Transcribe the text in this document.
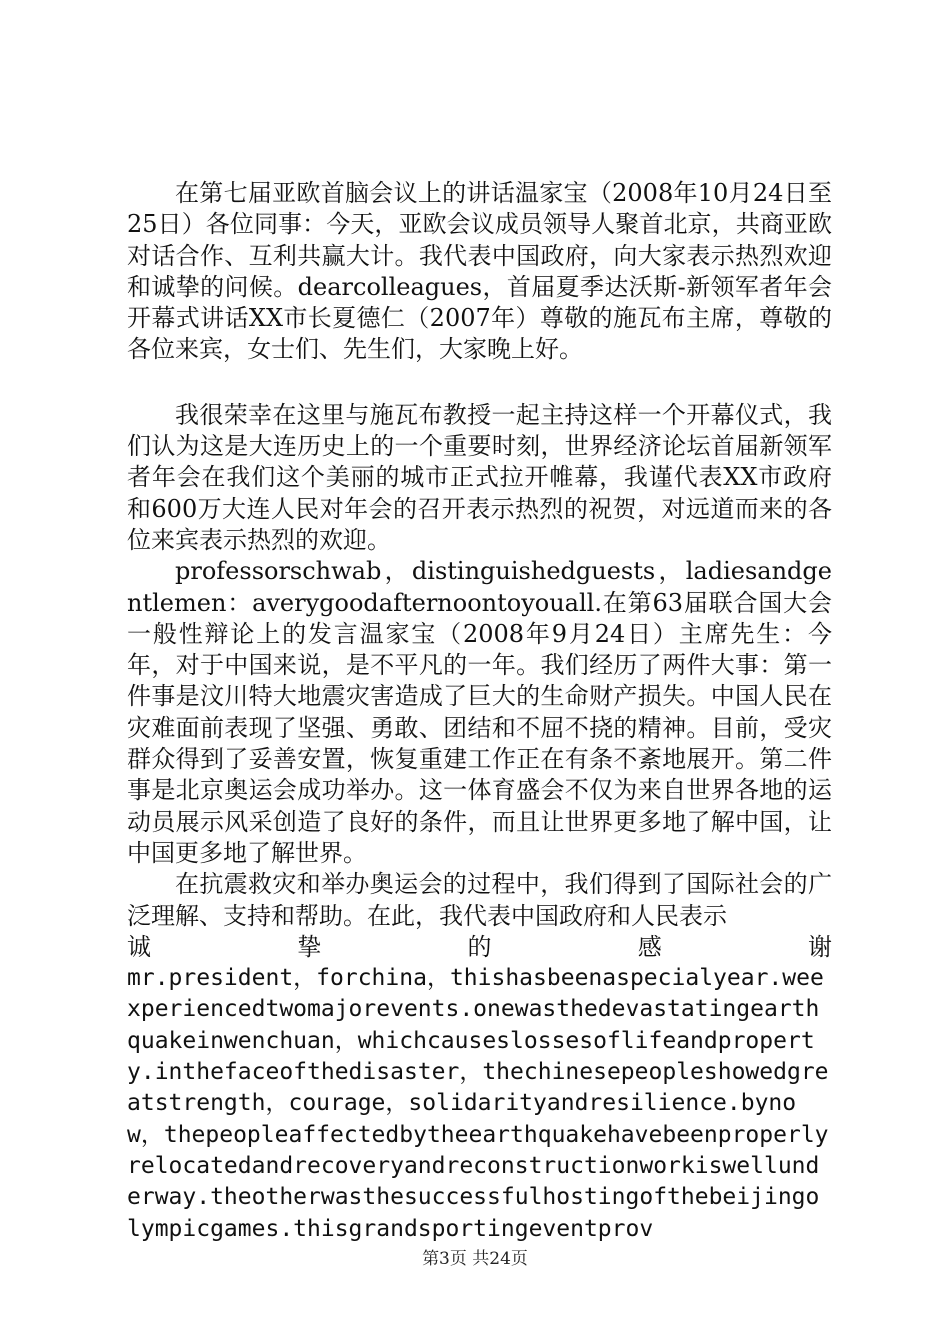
在第七届亚欧首脑会议上的讲话温家宝（2008年10月24日至25日）各位同事：今天，亚欧会议成员领导人聚首北京，共商亚欧对话合作、互利共赢大计。我代表中国政府，向大家表示热烈欢迎和诚挚的问候。dearcolleagues，首届夏季达沃斯-新领军者年会开幕式讲话XX市长夏德仁（2007年）尊敬的施瓦布主席，尊敬的各位来宾，女士们、先生们，大家晚上好。

我很荣幸在这里与施瓦布教授一起主持这样一个开幕仪式，我们认为这是大连历史上的一个重要时刻，世界经济论坛首届新领军者年会在我们这个美丽的城市正式拉开帷幕，我谨代表XX市政府和600万大连人民对年会的召开表示热烈的祝贺，对远道而来的各位来宾表示热烈的欢迎。

professorschwab，distinguishedguests，ladiesandgentlemen：averygoodafternoontoyouall.在第63届联合国大会一般性辩论上的发言温家宝（2008年9月24日）主席先生：今年，对于中国来说，是不平凡的一年。我们经历了两件大事：第一件事是汶川特大地震灾害造成了巨大的生命财产损失。中国人民在灾难面前表现了坚强、勇敢、团结和不屈不挠的精神。目前，受灾群众得到了妥善安置，恢复重建工作正在有条不紊地展开。第二件事是北京奥运会成功举办。这一体育盛会不仅为来自世界各地的运动员展示风采创造了良好的条件，而且让世界更多地了解中国，让中国更多地了解世界。

在抗震救灾和举办奥运会的过程中，我们得到了国际社会的广泛理解、支持和帮助。在此，我代表中国政府和人民表示

诚	挚	的	感	谢

mr.president，forchina，thishasbeenaspecialyear.weexperiencedtwomajorevents.onewasthedevastatingearthquakeinwenchuan，whichcauseslossesoflifeandproperty.inthefaceofthedisaster，thechinesepeopleshowedgreatstrength，courage，solidarityandresilience.bynow，thepeopleaffectedbytheearthquakehavebeenproperlyrelocatedandrecoveryandreconstructionworkiswellunderway.theotherwasthesuccessfulhostingofthebeijingolympicgames.thisgrandsportingeventprov

第3页 共24页
